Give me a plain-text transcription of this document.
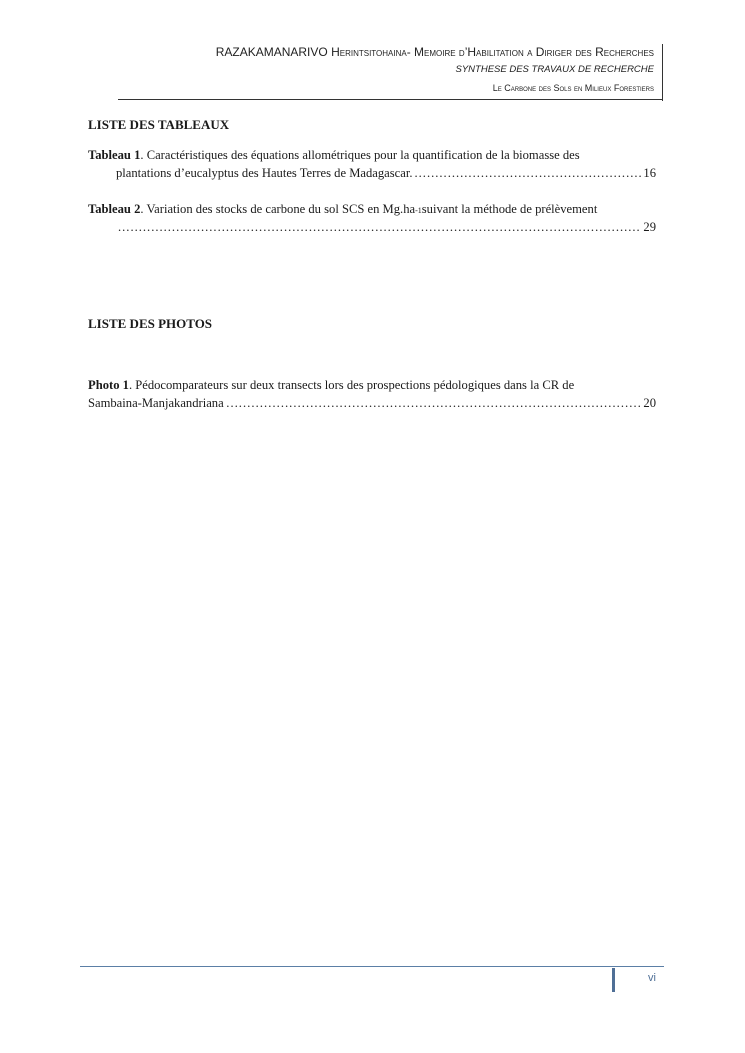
RAZAKAMANARIVO Herintsitohaina- Memoire d’Habilitation a Diriger des Recherches
SYNTHESE DES TRAVAUX DE RECHERCHE
Le Carbone des Sols en Milieux Forestiers
LISTE DES TABLEAUX
Tableau 1 . Caractéristiques des équations allométriques pour la quantification de la biomasse des
plantations d’eucalyptus des Hautes Terres de Madagascar. .....	16
Tableau 2 . Variation des stocks de carbone du sol SCS en Mg.ha -1 suivant la méthode de prélèvement
.....
29
LISTE DES PHOTOS
Photo 1 . Pédocomparateurs sur deux transects lors des prospections pédologiques dans la CR de
Sambaina-Manjakandriana ……………………………………………………………………………………………………………………………………………………………	20
vi
